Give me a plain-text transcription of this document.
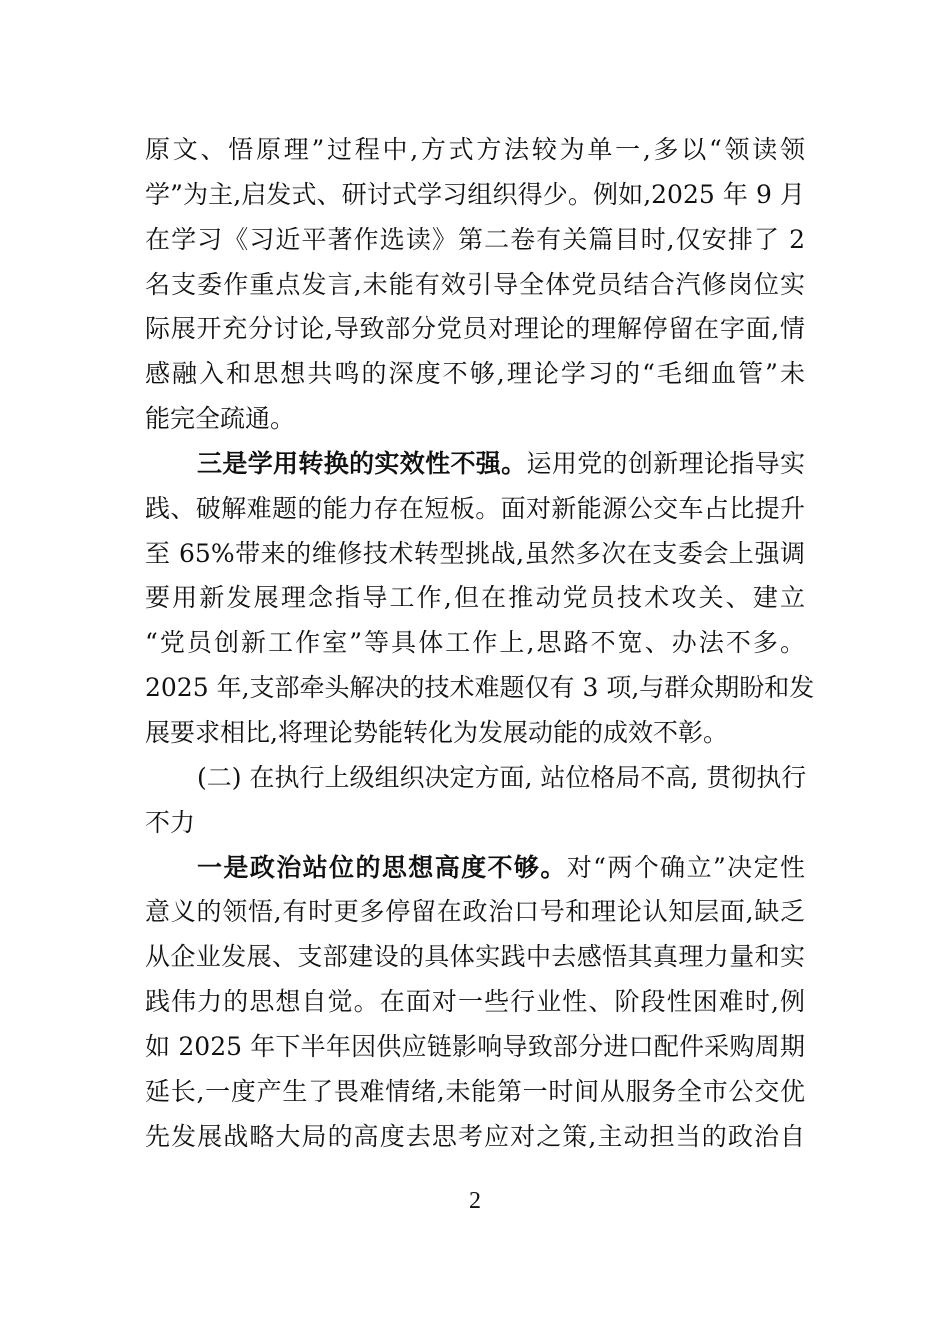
原文、悟原理”过程中,方式方法较为单一,多以“领读领
学”为主,启发式、研讨式学习组织得少。例如,2025 年 9 月
在学习《习近平著作选读》第二卷有关篇目时,仅安排了 2
名支委作重点发言,未能有效引导全体党员结合汽修岗位实
际展开充分讨论,导致部分党员对理论的理解停留在字面,情
感融入和思想共鸣的深度不够,理论学习的“毛细血管”未
能完全疏通。
三是学用转换的实效性不强。运用党的创新理论指导实
践、破解难题的能力存在短板。面对新能源公交车占比提升
至 65%带来的维修技术转型挑战,虽然多次在支委会上强调
要用新发展理念指导工作,但在推动党员技术攻关、建立
“党员创新工作室”等具体工作上,思路不宽、办法不多。
2025 年,支部牵头解决的技术难题仅有 3 项,与群众期盼和发
展要求相比,将理论势能转化为发展动能的成效不彰。
(二) 在执行上级组织决定方面, 站位格局不高, 贯彻执行
不力
一是政治站位的思想高度不够。对“两个确立”决定性
意义的领悟,有时更多停留在政治口号和理论认知层面,缺乏
从企业发展、支部建设的具体实践中去感悟其真理力量和实
践伟力的思想自觉。在面对一些行业性、阶段性困难时,例
如 2025 年下半年因供应链影响导致部分进口配件采购周期
延长,一度产生了畏难情绪,未能第一时间从服务全市公交优
先发展战略大局的高度去思考应对之策,主动担当的政治自
2
